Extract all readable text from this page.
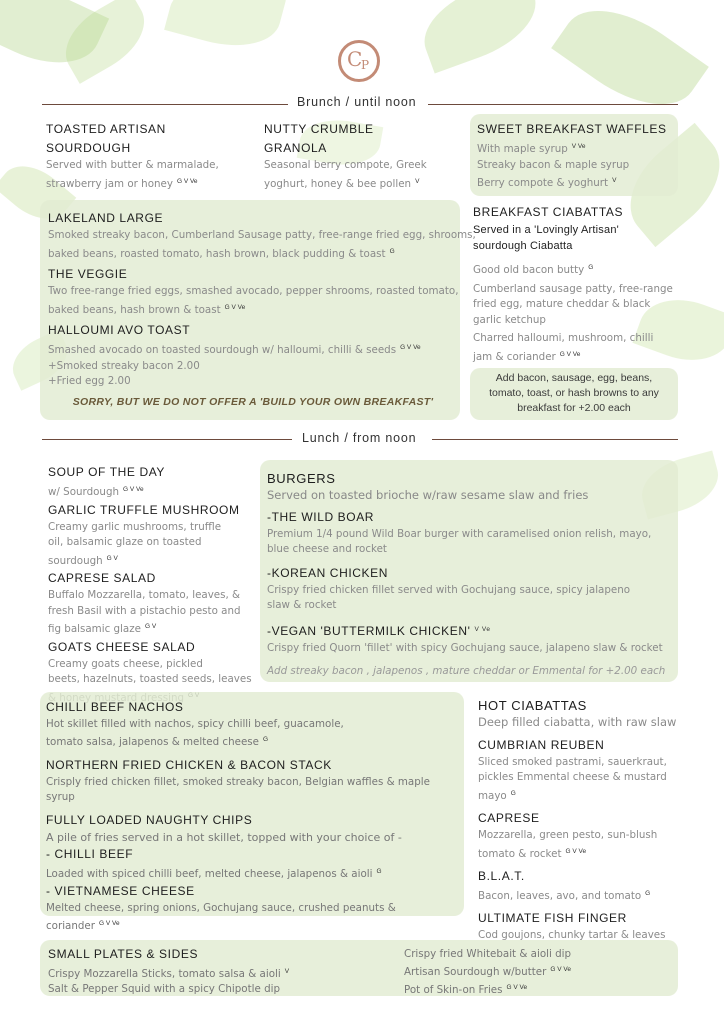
C
P
Brunch / until noon
TOASTED ARTISAN
SOURDOUGH
Served with butter & marmalade,
strawberry jam or honey $^{G V Ve}$
NUTTY CRUMBLE
GRANOLA
Seasonal berry compote, Greek
yoghurt, honey & bee pollen $^V$
SWEET BREAKFAST WAFFLES
With maple syrup $^{V Ve}$
Streaky bacon & maple syrup
Berry compote & yoghurt $^V$
LAKELAND LARGE
Smoked streaky bacon, Cumberland Sausage patty, free-range fried egg, shrooms,
baked beans, roasted tomato, hash brown, black pudding & toast $^G$
THE VEGGIE
Two free-range fried eggs, smashed avocado, pepper shrooms, roasted tomato,
baked beans, hash brown & toast $^{G V Ve}$
HALLOUMI AVO TOAST
Smashed avocado on toasted sourdough w/ halloumi, chilli & seeds $^{G V Ve}$
+Smoked streaky bacon 2.00
+Fried egg 2.00
SORRY, BUT WE DO NOT OFFER A 'BUILD YOUR OWN BREAKFAST'
BREAKFAST CIABATTAS
Served in a 'Lovingly Artisan'
sourdough Ciabatta
Good old bacon butty $^G$
Cumberland sausage patty, free-range
fried egg, mature cheddar & black
garlic ketchup
Charred halloumi, mushroom, chilli
jam & coriander $^{G V Ve}$
Add bacon, sausage, egg, beans,
tomato, toast, or hash browns to any
breakfast for +2.00 each
Lunch / from noon
SOUP OF THE DAY
w/ Sourdough $^{G V Ve}$
GARLIC TRUFFLE MUSHROOM
Creamy garlic mushrooms, truffle
oil, balsamic glaze on toasted
sourdough $^{G V}$
CAPRESE SALAD
Buffalo Mozzarella, tomato, leaves, &
fresh Basil with a pistachio pesto and
fig balsamic glaze $^{G V}$
GOATS CHEESE SALAD
Creamy goats cheese, pickled
beets, hazelnuts, toasted seeds, leaves
BURGERS
Served on toasted brioche w/raw sesame slaw and fries
-THE WILD BOAR
Premium 1/4 pound Wild Boar burger with caramelised onion relish, mayo,
blue cheese and rocket
-KOREAN CHICKEN
Crispy fried chicken fillet served with Gochujang sauce, spicy jalapeno
slaw & rocket
-VEGAN 'BUTTERMILK CHICKEN' $^{V Ve}$
Crispy fried Quorn 'fillet' with spicy Gochujang sauce, jalapeno slaw & rocket
Add streaky bacon , jalapenos , mature cheddar or Emmental for +2.00 each
CHILLI BEEF NACHOS
Hot skillet filled with nachos, spicy chilli beef, guacamole,
tomato salsa, jalapenos & melted cheese $^G$
NORTHERN FRIED CHICKEN & BACON STACK
Crisply fried chicken fillet, smoked streaky bacon, Belgian waffles & maple syrup
FULLY LOADED NAUGHTY CHIPS
A pile of fries served in a hot skillet, topped with your choice of -
- CHILLI BEEF
Loaded with spiced chilli beef, melted cheese, jalapenos & aioli $^G$
- VIETNAMESE CHEESE
Melted cheese, spring onions, Gochujang sauce, crushed peanuts &
coriander $^{G V Ve}$
HOT CIABATTAS
Deep filled ciabatta, with raw slaw
CUMBRIAN REUBEN
Sliced smoked pastrami, sauerkraut,
pickles Emmental cheese & mustard
mayo $^G$
CAPRESE
Mozzarella, green pesto, sun-blush
tomato & rocket $^{G V Ve}$
B.L.A.T.
Bacon, leaves, avo, and tomato $^G$
ULTIMATE FISH FINGER
Cod goujons, chunky tartar & leaves
SMALL PLATES & SIDES
Crispy Mozzarella Sticks, tomato salsa & aioli $^V$
Salt & Pepper Squid with a spicy Chipotle dip
Crispy fried Whitebait & aioli dip
Artisan Sourdough w/butter $^{G V Ve}$
Pot of Skin-on Fries $^{G V Ve}$
